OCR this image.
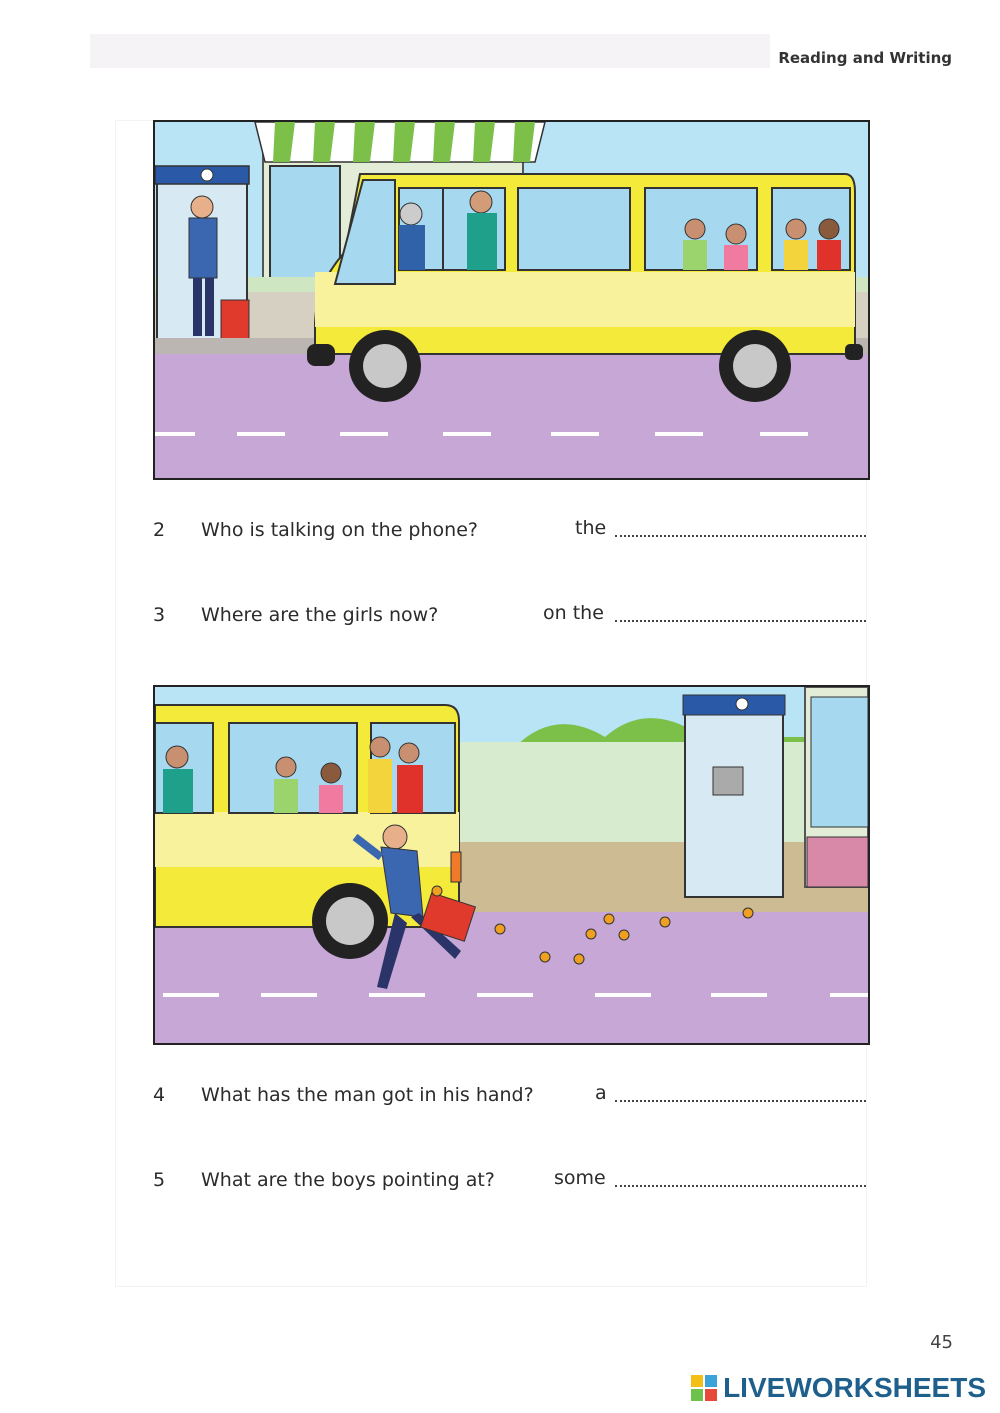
Reading and Writing
2 Who is talking on the phone?	the
3 Where are the girls now?	on the
4 What has the man got in his hand?	a
5 What are the boys pointing at?	some
45
LIVEWORKSHEETS
